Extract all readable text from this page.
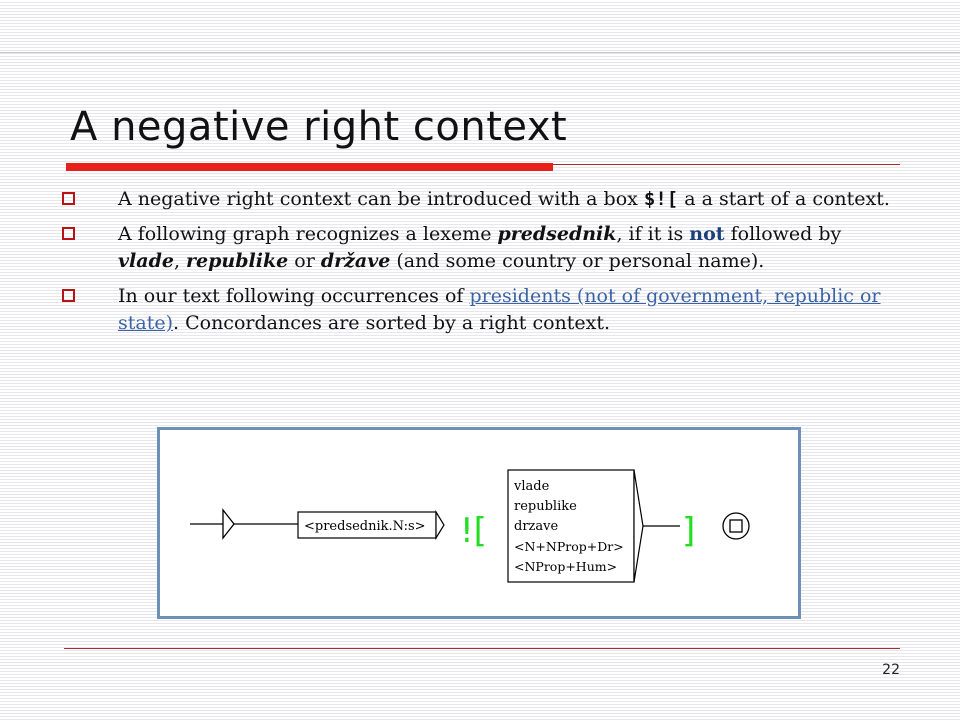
A negative right context
A negative right context can be introduced with a box $![ a a start of a context.
A following graph recognizes a lexeme predsednik, if it is not followed by vlade, republike or države (and some country or personal name).
In our text following occurrences of presidents (not of government, republic or state). Concordances are sorted by a right context.
<predsednik.N:s> ![
vlade
republike
drzave
<N+NProp+Dr>
<NProp+Hum>
]
22
